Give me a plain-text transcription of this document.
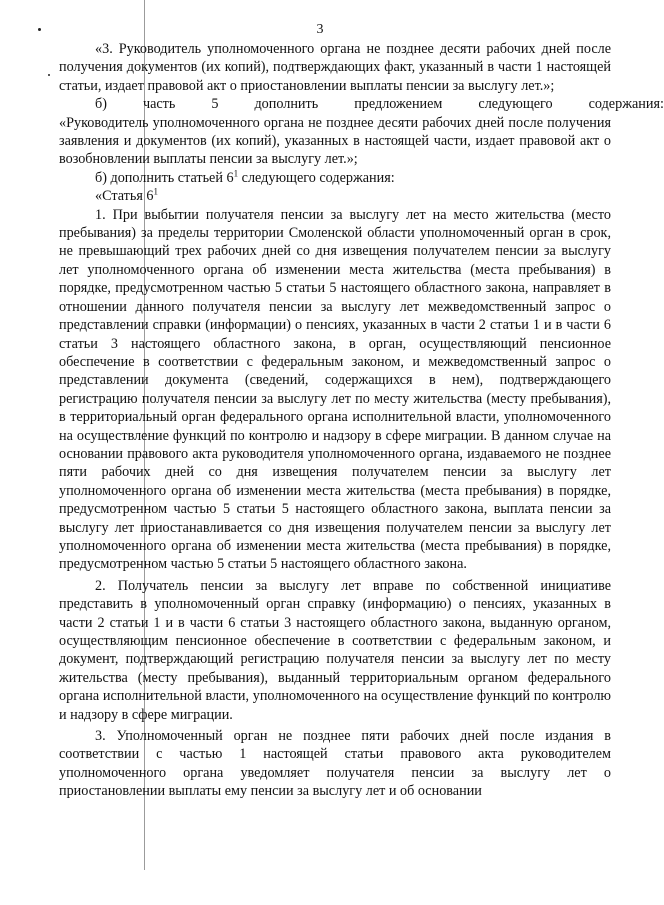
3

«3. Руководитель уполномоченного органа не позднее десяти рабочих дней после получения документов (их копий), подтверждающих факт, указанный в части 1 настоящей статьи, издает правовой акт о приостановлении выплаты пенсии за выслугу лет.»;

б)	часть	5	дополнить	предложением	следующего	содержания:

«Руководитель уполномоченного органа не позднее десяти рабочих дней после получения заявления и документов (их копий), указанных в настоящей части, издает правовой акт о возобновлении выплаты пенсии за выслугу лет.»;

б) дополнить статьей $6^1$ следующего содержания:

«Статья $6^1$

1. При выбытии получателя пенсии за выслугу лет на место жительства (место пребывания) за пределы территории Смоленской области уполномоченный орган в срок, не превышающий трех рабочих дней со дня извещения получателем пенсии за выслугу лет уполномоченного органа об изменении места жительства (места пребывания) в порядке, предусмотренном частью 5 статьи 5 настоящего областного закона, направляет в отношении данного получателя пенсии за выслугу лет межведомственный запрос о представлении справки (информации) о пенсиях, указанных в части 2 статьи 1 и в части 6 статьи 3 настоящего областного закона, в орган, осуществляющий пенсионное обеспечение в соответствии с федеральным законом, и межведомственный запрос о представлении документа (сведений, содержащихся в нем), подтверждающего регистрацию получателя пенсии за выслугу лет по месту жительства (месту пребывания), в территориальный орган федерального органа исполнительной власти, уполномоченного на осуществление функций по контролю и надзору в сфере миграции. В данном случае на основании правового акта руководителя уполномоченного органа, издаваемого не позднее пяти рабочих дней со дня извещения получателем пенсии за выслугу лет уполномоченного органа об изменении места жительства (места пребывания) в порядке, предусмотренном частью 5 статьи 5 настоящего областного закона, выплата пенсии за выслугу лет приостанавливается со дня извещения получателем пенсии за выслугу лет уполномоченного органа об изменении места жительства (места пребывания) в порядке, предусмотренном частью 5 статьи 5 настоящего областного закона.

2. Получатель пенсии за выслугу лет вправе по собственной инициативе представить в уполномоченный орган справку (информацию) о пенсиях, указанных в части 2 статьи 1 и в части 6 статьи 3 настоящего областного закона, выданную органом, осуществляющим пенсионное обеспечение в соответствии с федеральным законом, и документ, подтверждающий регистрацию получателя пенсии за выслугу лет по месту жительства (месту пребывания), выданный территориальным органом федерального органа исполнительной власти, уполномоченного на осуществление функций по контролю и надзору в сфере миграции.

3. Уполномоченный орган не позднее пяти рабочих дней после издания в соответствии с частью 1 настоящей статьи правового акта руководителем уполномоченного органа уведомляет получателя пенсии за выслугу лет о приостановлении выплаты ему пенсии за выслугу лет и об основании
